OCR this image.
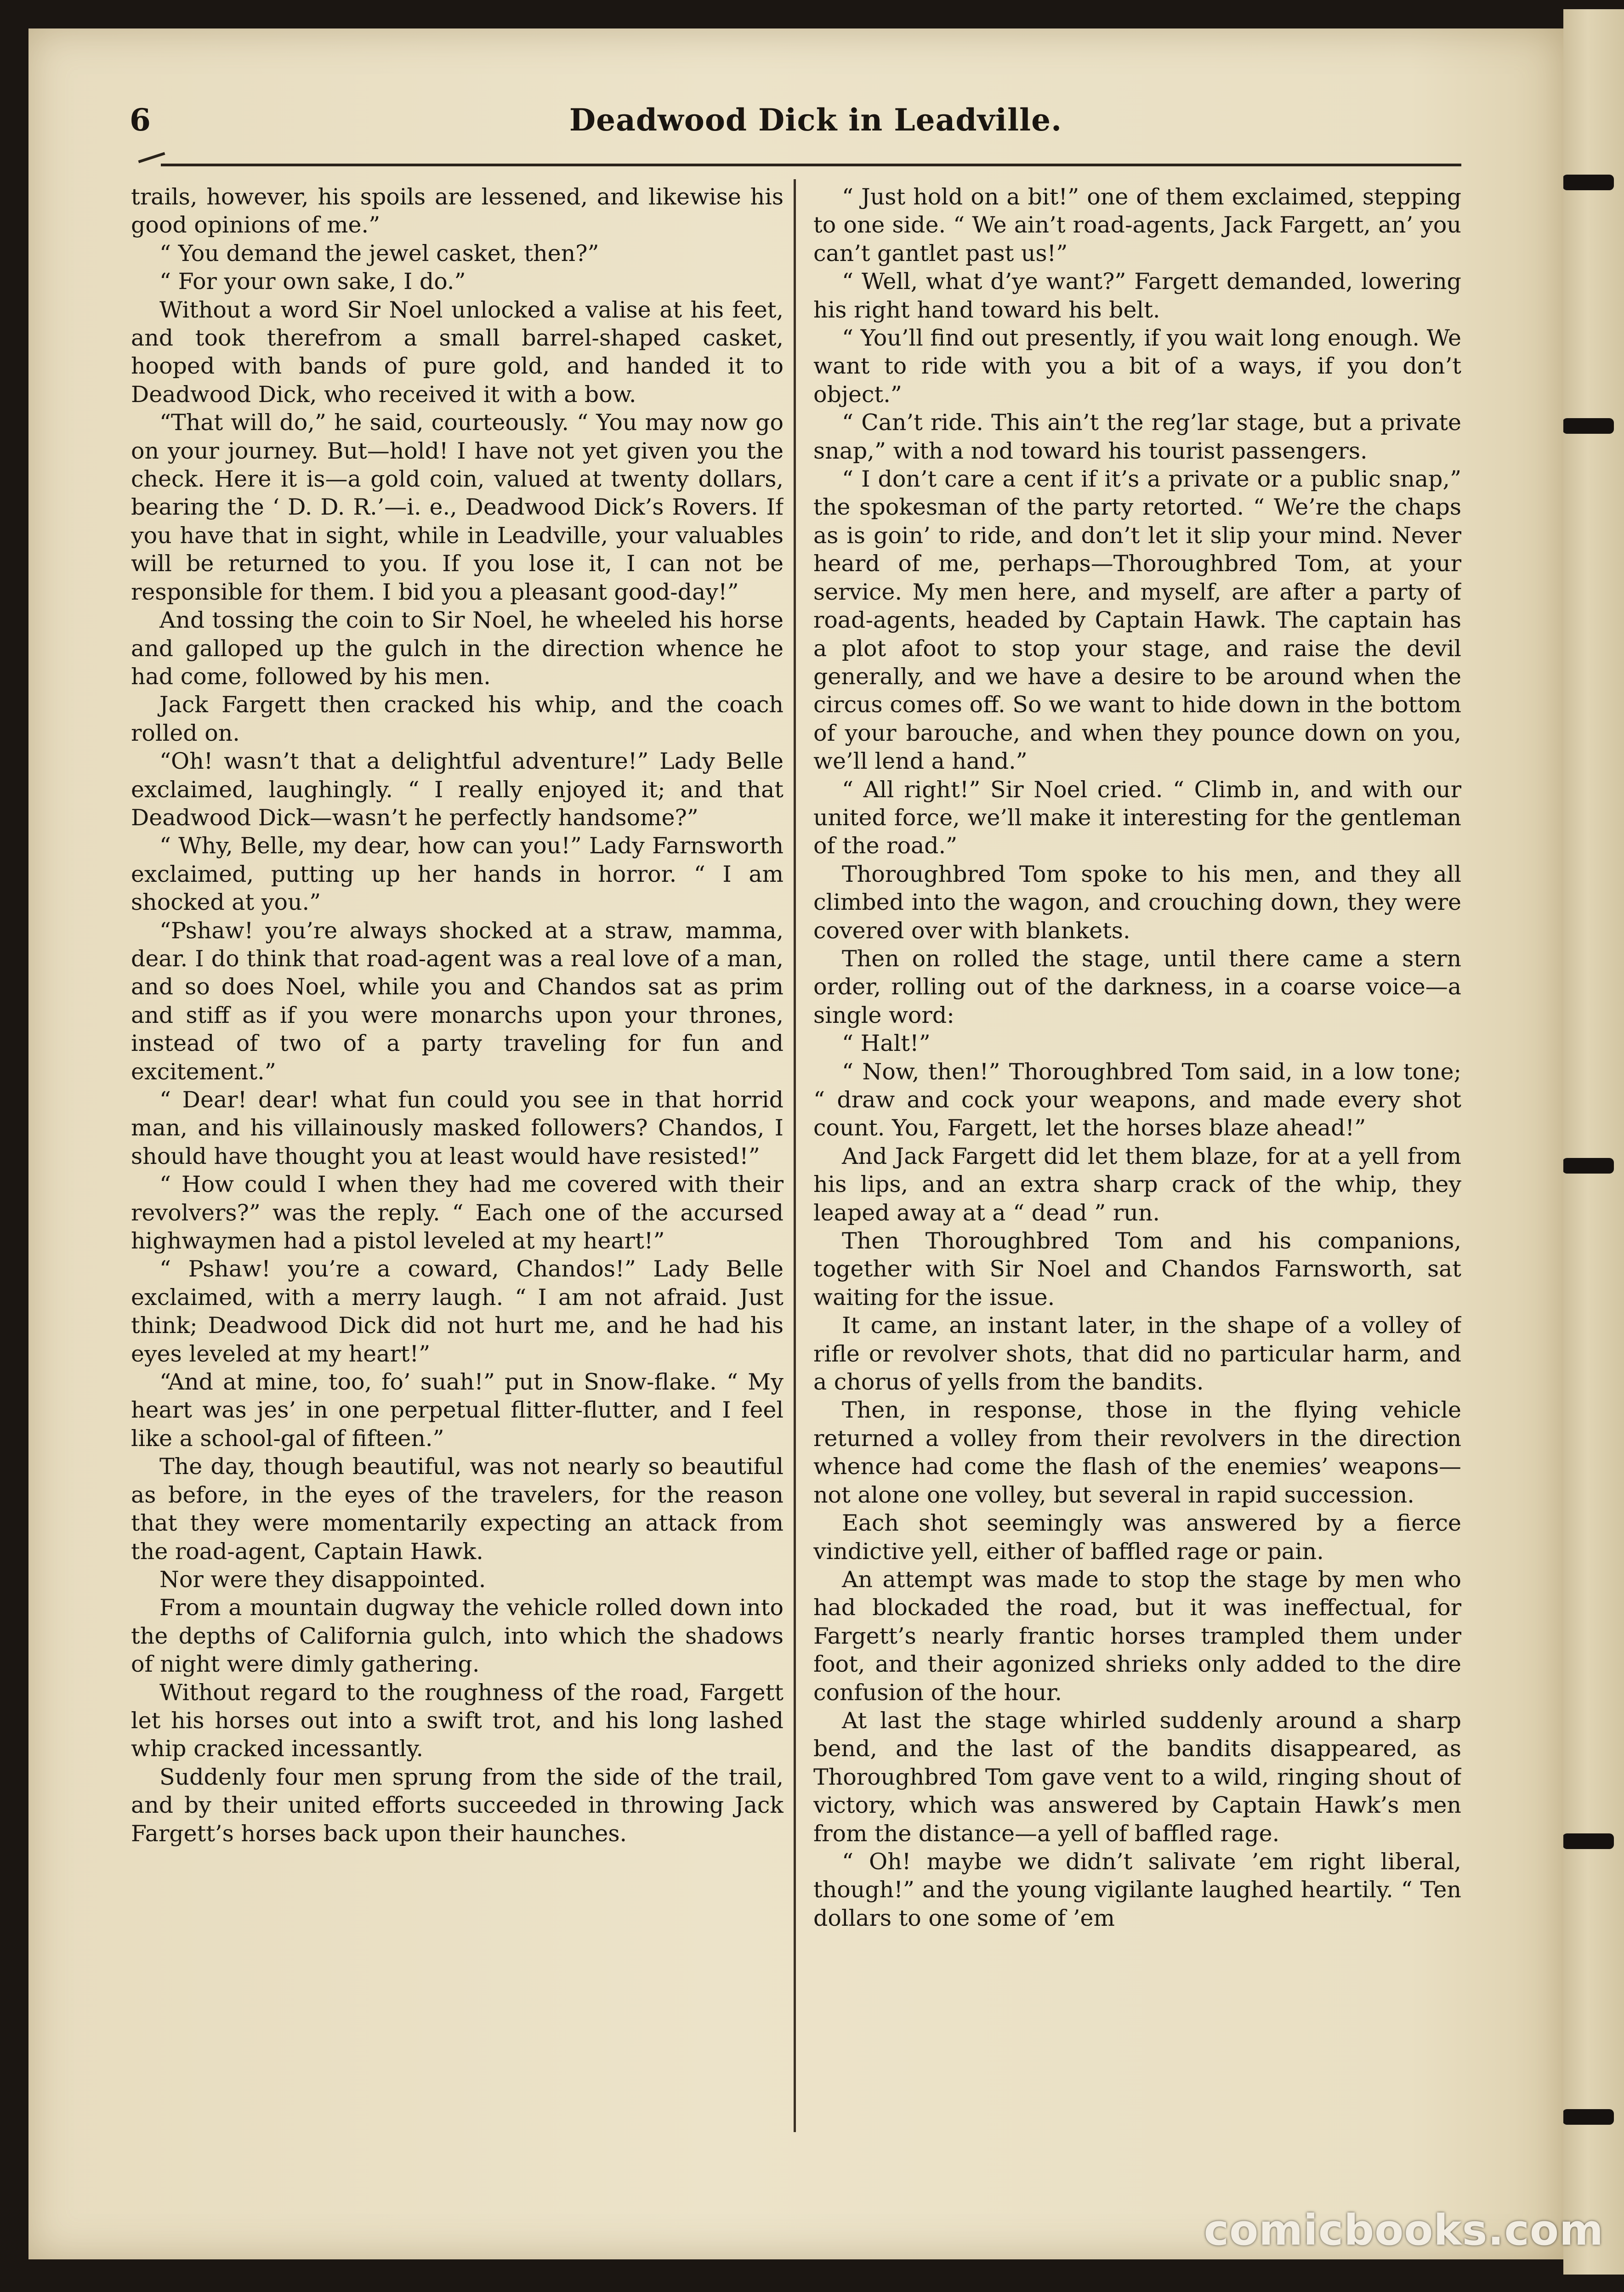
6	Deadwood Dick in Leadville.

trails, however, his spoils are lessened, and likewise his good opinions of me.”

“ You demand the jewel casket, then?”

“ For your own sake, I do.”

Without a word Sir Noel unlocked a valise at his feet, and took therefrom a small barrel-shaped casket, hooped with bands of pure gold, and handed it to Deadwood Dick, who received it with a bow.

“That will do,” he said, courteously. “ You may now go on your journey. But—hold! I have not yet given you the check. Here it is—a gold coin, valued at twenty dollars, bearing the ‘ D. D. R.’—i. e., Deadwood Dick’s Rovers. If you have that in sight, while in Leadville, your valuables will be returned to you. If you lose it, I can not be responsible for them. I bid you a pleasant good-day!”

And tossing the coin to Sir Noel, he wheeled his horse and galloped up the gulch in the direction whence he had come, followed by his men.

Jack Fargett then cracked his whip, and the coach rolled on.

“Oh! wasn’t that a delightful adventure!” Lady Belle exclaimed, laughingly. “ I really enjoyed it; and that Deadwood Dick—wasn’t he perfectly handsome?”

“ Why, Belle, my dear, how can you!” Lady Farnsworth exclaimed, putting up her hands in horror. “ I am shocked at you.”

“Pshaw! you’re always shocked at a straw, mamma, dear. I do think that road-agent was a real love of a man, and so does Noel, while you and Chandos sat as prim and stiff as if you were monarchs upon your thrones, instead of two of a party traveling for fun and excitement.”

“ Dear! dear! what fun could you see in that horrid man, and his villainously masked followers? Chandos, I should have thought you at least would have resisted!”

“ How could I when they had me covered with their revolvers?” was the reply. “ Each one of the accursed highwaymen had a pistol leveled at my heart!”

“ Pshaw! you’re a coward, Chandos!” Lady Belle exclaimed, with a merry laugh. “ I am not afraid. Just think; Deadwood Dick did not hurt me, and he had his eyes leveled at my heart!”

“And at mine, too, fo’ suah!” put in Snow-flake. “ My heart was jes’ in one perpetual flitter-flutter, and I feel like a school-gal of fifteen.”

The day, though beautiful, was not nearly so beautiful as before, in the eyes of the travelers, for the reason that they were momentarily expecting an attack from the road-agent, Captain Hawk.

Nor were they disappointed.

From a mountain dugway the vehicle rolled down into the depths of California gulch, into which the shadows of night were dimly gathering.

Without regard to the roughness of the road, Fargett let his horses out into a swift trot, and his long lashed whip cracked incessantly.

Suddenly four men sprung from the side of the trail, and by their united efforts succeeded in throwing Jack Fargett’s horses back upon their haunches.

“ Just hold on a bit!” one of them exclaimed, stepping to one side. “ We ain’t road-agents, Jack Fargett, an’ you can’t gantlet past us!”

“ Well, what d’ye want?” Fargett demanded, lowering his right hand toward his belt.

“ You’ll find out presently, if you wait long enough. We want to ride with you a bit of a ways, if you don’t object.”

“ Can’t ride. This ain’t the reg’lar stage, but a private snap,” with a nod toward his tourist passengers.

“ I don’t care a cent if it’s a private or a public snap,” the spokesman of the party retorted. “ We’re the chaps as is goin’ to ride, and don’t let it slip your mind. Never heard of me, perhaps—Thoroughbred Tom, at your service. My men here, and myself, are after a party of road-agents, headed by Captain Hawk. The captain has a plot afoot to stop your stage, and raise the devil generally, and we have a desire to be around when the circus comes off. So we want to hide down in the bottom of your barouche, and when they pounce down on you, we’ll lend a hand.”

“ All right!” Sir Noel cried. “ Climb in, and with our united force, we’ll make it interesting for the gentleman of the road.”

Thoroughbred Tom spoke to his men, and they all climbed into the wagon, and crouching down, they were covered over with blankets.

Then on rolled the stage, until there came a stern order, rolling out of the darkness, in a coarse voice—a single word:

“ Halt!”

“ Now, then!” Thoroughbred Tom said, in a low tone; “ draw and cock your weapons, and made every shot count. You, Fargett, let the horses blaze ahead!”

And Jack Fargett did let them blaze, for at a yell from his lips, and an extra sharp crack of the whip, they leaped away at a “ dead ” run.

Then Thoroughbred Tom and his companions, together with Sir Noel and Chandos Farnsworth, sat waiting for the issue.

It came, an instant later, in the shape of a volley of rifle or revolver shots, that did no particular harm, and a chorus of yells from the bandits.

Then, in response, those in the flying vehicle returned a volley from their revolvers in the direction whence had come the flash of the enemies’ weapons—not alone one volley, but several in rapid succession.

Each shot seemingly was answered by a fierce vindictive yell, either of baffled rage or pain.

An attempt was made to stop the stage by men who had blockaded the road, but it was ineffectual, for Fargett’s nearly frantic horses trampled them under foot, and their agonized shrieks only added to the dire confusion of the hour.

At last the stage whirled suddenly around a sharp bend, and the last of the bandits disappeared, as Thoroughbred Tom gave vent to a wild, ringing shout of victory, which was answered by Captain Hawk’s men from the distance—a yell of baffled rage.

“ Oh! maybe we didn’t salivate ’em right liberal, though!” and the young vigilante laughed heartily. “ Ten dollars to one some of ’em

comicbooks.com
